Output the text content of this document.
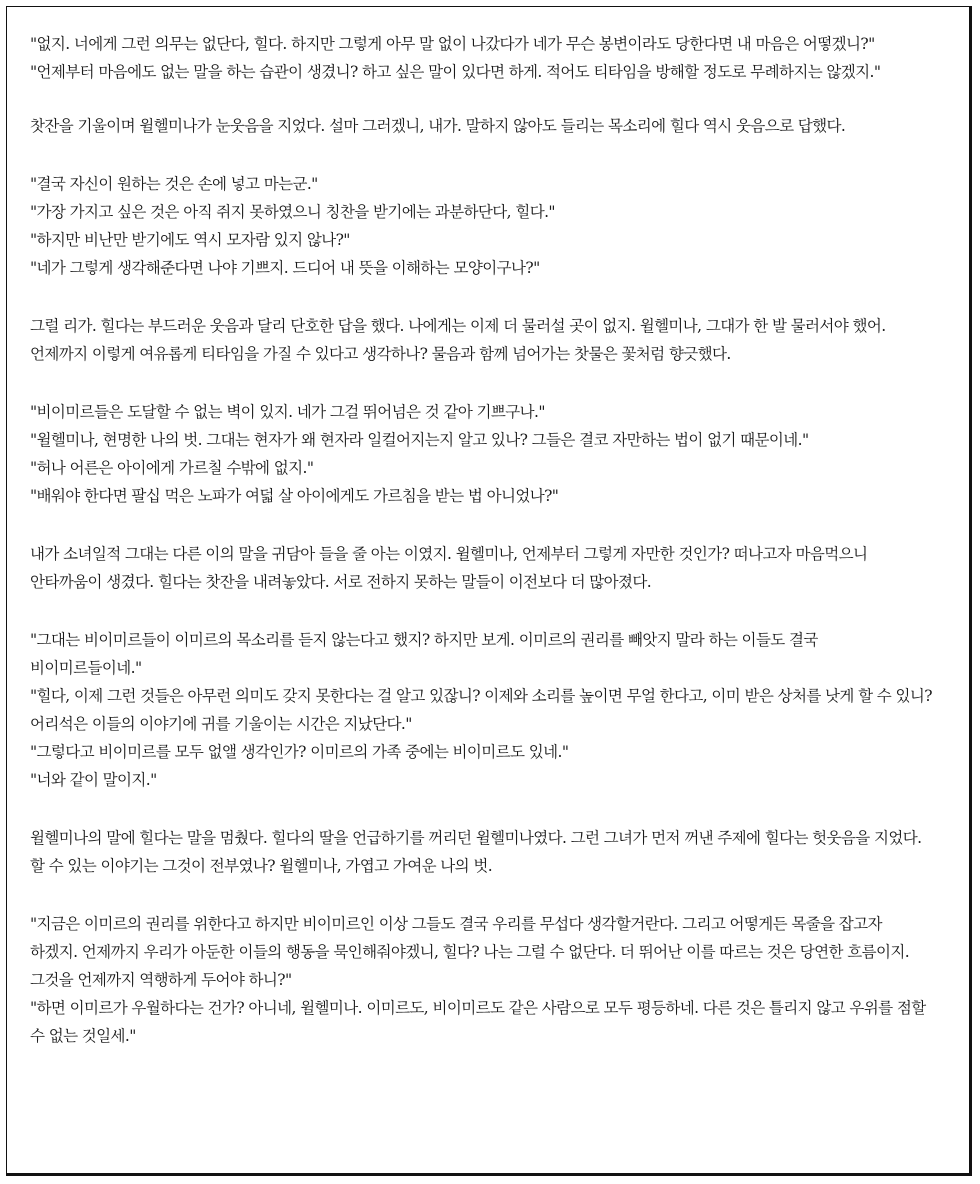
"없지. 너에게 그런 의무는 없단다, 힐다. 하지만 그렇게 아무 말 없이 나갔다가 네가 무슨 봉변이라도 당한다면 내 마음은 어떻겠니?"
"언제부터 마음에도 없는 말을 하는 습관이 생겼니? 하고 싶은 말이 있다면 하게. 적어도 티타임을 방해할 정도로 무례하지는 않겠지."
찻잔을 기울이며 윌헬미나가 눈웃음을 지었다. 설마 그러겠니, 내가. 말하지 않아도 들리는 목소리에 힐다 역시 웃음으로 답했다.
"결국 자신이 원하는 것은 손에 넣고 마는군."
"가장 가지고 싶은 것은 아직 쥐지 못하였으니 칭찬을 받기에는 과분하단다, 힐다."
"하지만 비난만 받기에도 역시 모자람 있지 않나?"
"네가 그렇게 생각해준다면 나야 기쁘지. 드디어 내 뜻을 이해하는 모양이구나?"
그럴 리가. 힐다는 부드러운 웃음과 달리 단호한 답을 했다. 나에게는 이제 더 물러설 곳이 없지. 윌헬미나, 그대가 한 발 물러서야 했어.
언제까지 이렇게 여유롭게 티타임을 가질 수 있다고 생각하나? 물음과 함께 넘어가는 찻물은 꽃처럼 향긋했다.
"비이미르들은 도달할 수 없는 벽이 있지. 네가 그걸 뛰어넘은 것 같아 기쁘구나."
"윌헬미나, 현명한 나의 벗. 그대는 현자가 왜 현자라 일컬어지는지 알고 있나? 그들은 결코 자만하는 법이 없기 때문이네."
"허나 어른은 아이에게 가르칠 수밖에 없지."
"배워야 한다면 팔십 먹은 노파가 여덟 살 아이에게도 가르침을 받는 법 아니었나?"
내가 소녀일적 그대는 다른 이의 말을 귀담아 들을 줄 아는 이였지. 윌헬미나, 언제부터 그렇게 자만한 것인가? 떠나고자 마음먹으니
안타까움이 생겼다. 힐다는 찻잔을 내려놓았다. 서로 전하지 못하는 말들이 이전보다 더 많아졌다.
"그대는 비이미르들이 이미르의 목소리를 듣지 않는다고 했지? 하지만 보게. 이미르의 권리를 빼앗지 말라 하는 이들도 결국
비이미르들이네."
"힐다, 이제 그런 것들은 아무런 의미도 갖지 못한다는 걸 알고 있잖니? 이제와 소리를 높이면 무얼 한다고, 이미 받은 상처를 낫게 할 수 있니?
어리석은 이들의 이야기에 귀를 기울이는 시간은 지났단다."
"그렇다고 비이미르를 모두 없앨 생각인가? 이미르의 가족 중에는 비이미르도 있네."
"너와 같이 말이지."
윌헬미나의 말에 힐다는 말을 멈췄다. 힐다의 딸을 언급하기를 꺼리던 윌헬미나였다. 그런 그녀가 먼저 꺼낸 주제에 힐다는 헛웃음을 지었다.
할 수 있는 이야기는 그것이 전부였나? 윌헬미나, 가엽고 가여운 나의 벗.
"지금은 이미르의 권리를 위한다고 하지만 비이미르인 이상 그들도 결국 우리를 무섭다 생각할거란다. 그리고 어떻게든 목줄을 잡고자
하겠지. 언제까지 우리가 아둔한 이들의 행동을 묵인해줘야겠니, 힐다? 나는 그럴 수 없단다. 더 뛰어난 이를 따르는 것은 당연한 흐름이지.
그것을 언제까지 역행하게 두어야 하니?"
"하면 이미르가 우월하다는 건가? 아니네, 윌헬미나. 이미르도, 비이미르도 같은 사람으로 모두 평등하네. 다른 것은 틀리지 않고 우위를 점할
수 없는 것일세."
